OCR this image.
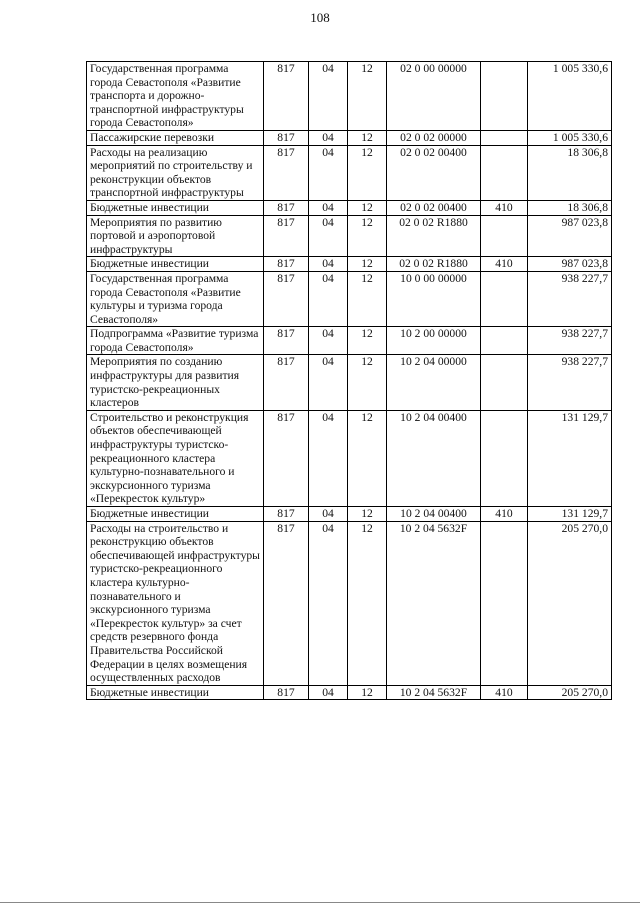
108
Государственная программа города Севастополя «Развитие транспорта и дорожно-транспортной инфраструктуры города Севастополя»	817	04	12	02 0 00 00000		1 005 330,6
Пассажирские перевозки	817	04	12	02 0 02 00000		1 005 330,6
Расходы на реализацию мероприятий по строительству и реконструкции объектов транспортной инфраструктуры	817	04	12	02 0 02 00400		18 306,8
Бюджетные инвестиции	817	04	12	02 0 02 00400	410	18 306,8
Мероприятия по развитию портовой и аэропортовой инфраструктуры	817	04	12	02 0 02 R1880		987 023,8
Бюджетные инвестиции	817	04	12	02 0 02 R1880	410	987 023,8
Государственная программа города Севастополя «Развитие культуры и туризма города Севастополя»	817	04	12	10 0 00 00000		938 227,7
Подпрограмма «Развитие туризма города Севастополя»	817	04	12	10 2 00 00000		938 227,7
Мероприятия по созданию инфраструктуры для развития туристско-рекреационных кластеров	817	04	12	10 2 04 00000		938 227,7
Строительство и реконструкция объектов обеспечивающей инфраструктуры туристско-рекреационного кластера культурно-познавательного и экскурсионного туризма «Перекресток культур»	817	04	12	10 2 04 00400		131 129,7
Бюджетные инвестиции	817	04	12	10 2 04 00400	410	131 129,7
Расходы на строительство и реконструкцию объектов обеспечивающей инфраструктуры туристско-рекреационного кластера культурно-познавательного и экскурсионного туризма «Перекресток культур» за счет средств резервного фонда Правительства Российской Федерации в целях возмещения осуществленных расходов	817	04	12	10 2 04 5632F		205 270,0
Бюджетные инвестиции	817	04	12	10 2 04 5632F	410	205 270,0
